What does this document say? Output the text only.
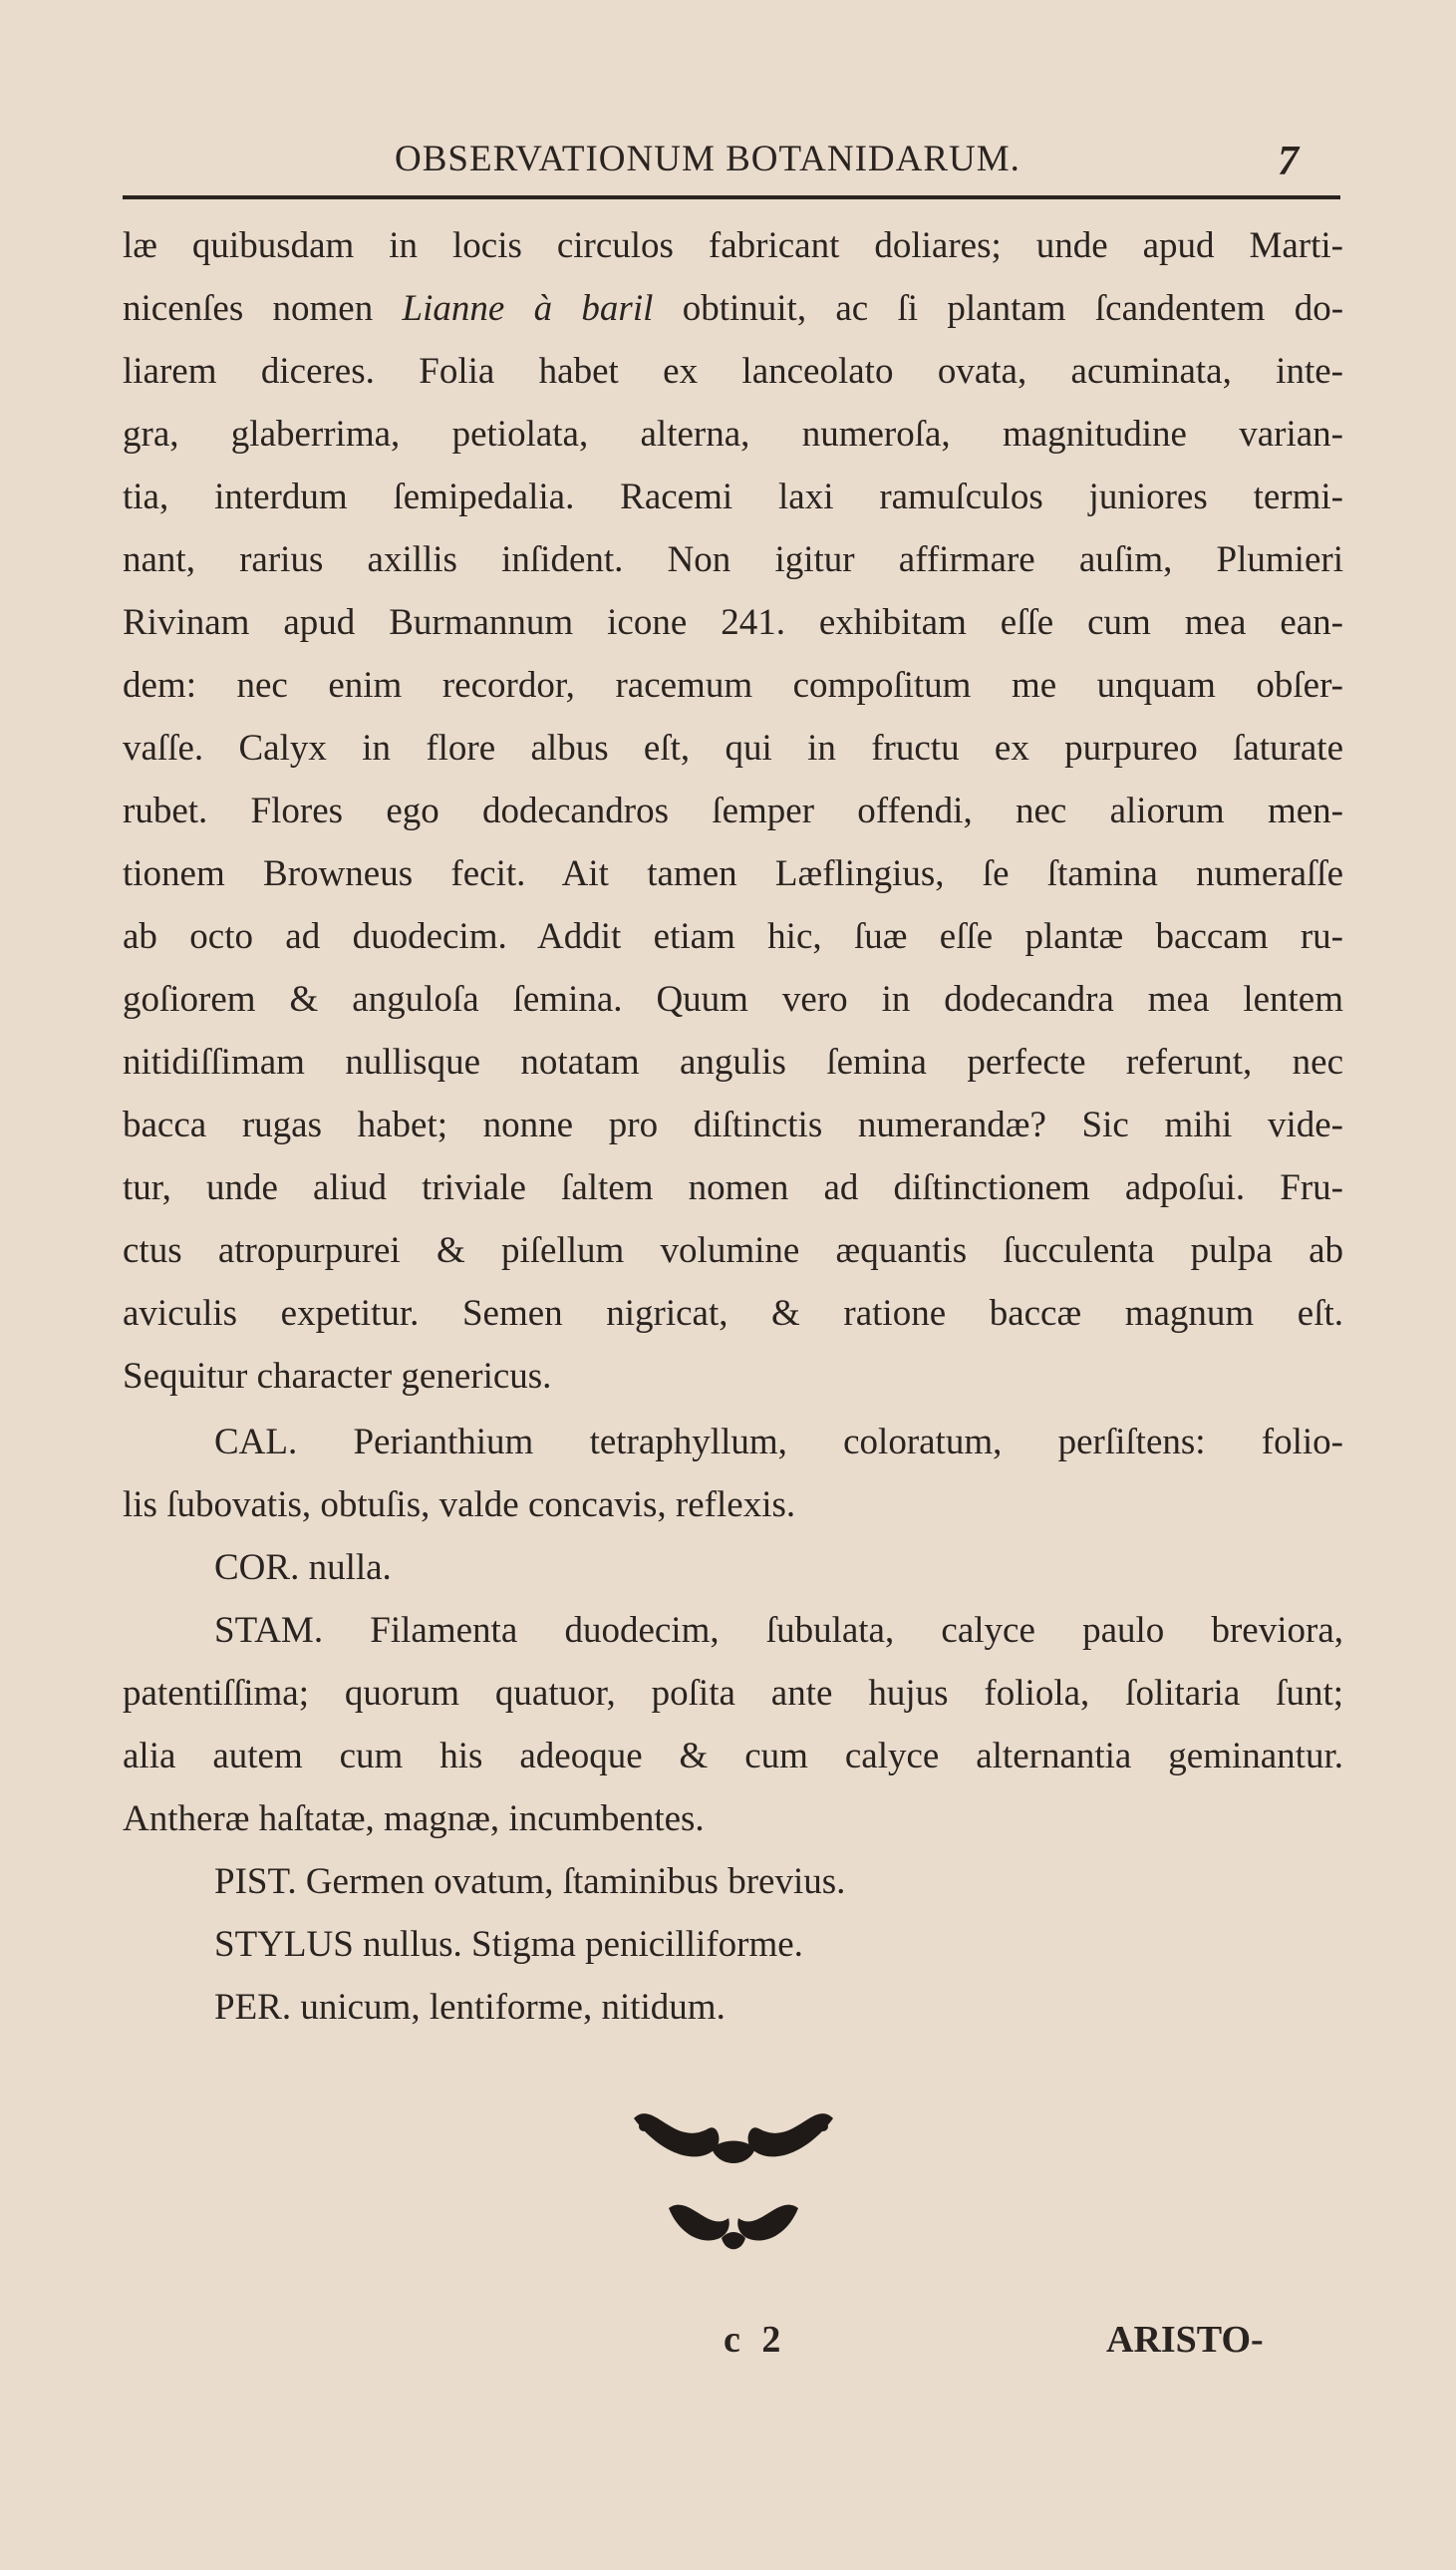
OBSERVATIONUM BOTANIDARUM.	7
læ quibusdam in locis circulos fabricant doliares; unde apud Marti-
nicenſes nomen Lianne à baril obtinuit, ac ſi plantam ſcandentem do-
liarem diceres. Folia habet ex lanceolato ovata, acuminata, inte-
gra, glaberrima, petiolata, alterna, numeroſa, magnitudine varian-
tia, interdum ſemipedalia. Racemi laxi ramuſculos juniores termi-
nant, rarius axillis inſident. Non igitur affirmare auſim, Plumieri
Rivinam apud Burmannum icone 241. exhibitam eſſe cum mea ean-
dem: nec enim recordor, racemum compoſitum me unquam obſer-
vaſſe. Calyx in flore albus eſt, qui in fructu ex purpureo ſaturate
rubet. Flores ego dodecandros ſemper offendi, nec aliorum men-
tionem Browneus fecit. Ait tamen Læflingius, ſe ſtamina numeraſſe
ab octo ad duodecim. Addit etiam hic, ſuæ eſſe plantæ baccam ru-
goſiorem & anguloſa ſemina. Quum vero in dodecandra mea lentem
nitidiſſimam nullisque notatam angulis ſemina perfecte referunt, nec
bacca rugas habet; nonne pro diſtinctis numerandæ? Sic mihi vide-
tur, unde aliud triviale ſaltem nomen ad diſtinctionem adpoſui. Fru-
ctus atropurpurei & piſellum volumine æquantis ſucculenta pulpa ab
aviculis expetitur. Semen nigricat, & ratione baccæ magnum eſt.
Sequitur character genericus.
CAL. Perianthium tetraphyllum, coloratum, perſiſtens: folio-
lis ſubovatis, obtuſis, valde concavis, reflexis.
COR. nulla.
STAM. Filamenta duodecim, ſubulata, calyce paulo breviora,
patentiſſima; quorum quatuor, poſita ante hujus foliola, ſolitaria ſunt;
alia autem cum his adeoque & cum calyce alternantia geminantur.
Antheræ haſtatæ, magnæ, incumbentes.
PIST. Germen ovatum, ſtaminibus brevius.
STYLUS nullus. Stigma penicilliforme.
PER. unicum, lentiforme, nitidum.
c 2	ARISTO-
